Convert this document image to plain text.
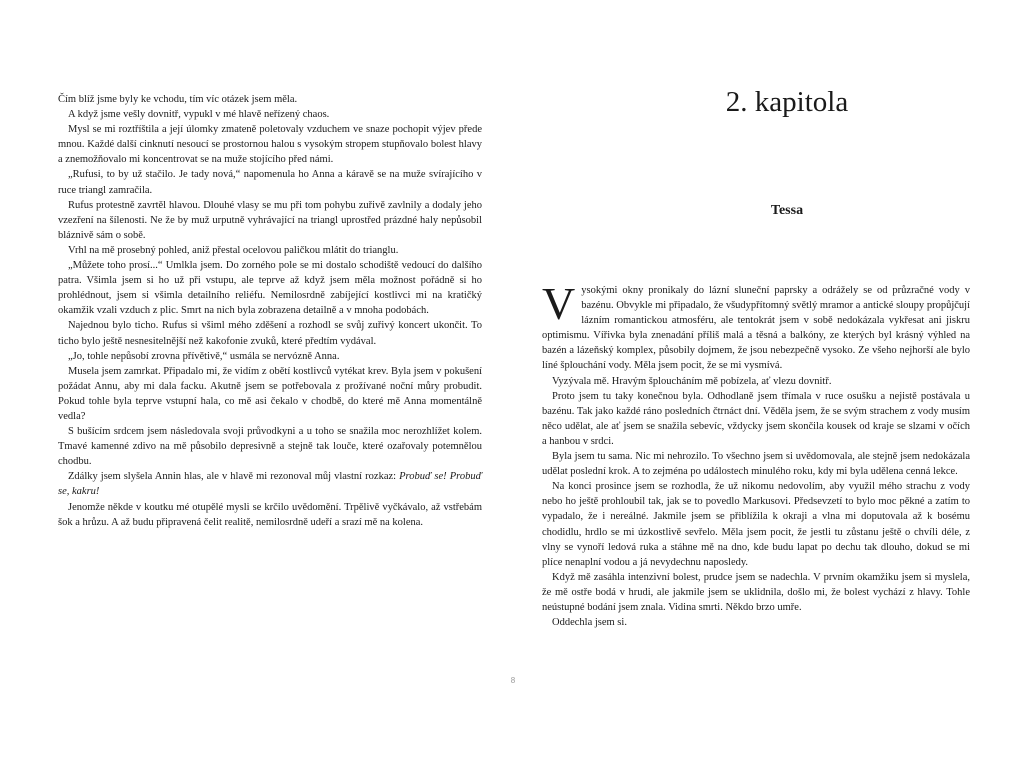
Čím blíž jsme byly ke vchodu, tím víc otázek jsem měla.

A když jsme vešly dovnitř, vypukl v mé hlavě neřízený chaos.

Mysl se mi roztříštila a její úlomky zmateně poletovaly vzduchem ve snaze pochopit výjev přede mnou. Každé další cinknutí nesoucí se prostornou halou s vysokým stropem stupňovalo bolest hlavy a znemožňovalo mi koncentrovat se na muže stojícího před námi.

„Rufusi, to by už stačilo. Je tady nová,“ napomenula ho Anna a káravě se na muže svírajícího v ruce triangl zamračila.

Rufus protestně zavrtěl hlavou. Dlouhé vlasy se mu při tom pohybu zuřivě zavlnily a dodaly jeho vzezření na šílenosti. Ne že by muž urputně vyhrávající na triangl uprostřed prázdné haly nepůsobil bláznivě sám o sobě.

Vrhl na mě prosebný pohled, aniž přestal ocelovou paličkou mlátit do trianglu.

„Můžete toho prosí...“ Umlkla jsem. Do zorného pole se mi dostalo schodiště vedoucí do dalšího patra. Všimla jsem si ho už při vstupu, ale teprve až když jsem měla možnost pořádně si ho prohlédnout, jsem si všimla detailního reliéfu. Nemilosrdně zabíjející kostlivci mi na kratičký okamžik vzali vzduch z plic. Smrt na nich byla zobrazena detailně a v mnoha podobách.

Najednou bylo ticho. Rufus si všiml mého zděšení a rozhodl se svůj zuřivý koncert ukončit. To ticho bylo ještě nesnesitelnější než kakofonie zvuků, které předtím vydával.

„Jo, tohle nepůsobí zrovna přívětivě,“ usmála se nervózně Anna.

Musela jsem zamrkat. Připadalo mi, že vidím z obětí kostlivců vytékat krev. Byla jsem v pokušení požádat Annu, aby mi dala facku. Akutně jsem se potřebovala z prožívané noční můry probudit. Pokud tohle byla teprve vstupní hala, co mě asi čekalo v chodbě, do které mě Anna momentálně vedla?

S bušícím srdcem jsem následovala svoji průvodkyni a u toho se snažila moc nerozhlížet kolem. Tmavé kamenné zdivo na mě působilo depresivně a stejně tak louče, které ozařovaly potemnělou chodbu.

Zdálky jsem slyšela Annin hlas, ale v hlavě mi rezonoval můj vlastní rozkaz: Probuď se! Probuď se, kakru!

Jenomže někde v koutku mé otupělé mysli se krčilo uvědomění. Trpělivě vyčkávalo, až vstřebám šok a hrůzu. A až budu připravená čelit realitě, nemilosrdně udeří a srazí mě na kolena.

2. kapitola
Tessa

Vysokými okny pronikaly do lázní sluneční paprsky a odrážely se od průzračné vody v bazénu. Obvykle mi připadalo, že všudypřítomný světlý mramor a antické sloupy propůjčují lázním romantickou atmosféru, ale tentokrát jsem v sobě nedokázala vykřesat ani jiskru optimismu. Vířivka byla znenadání příliš malá a těsná a balkóny, ze kterých byl krásný výhled na bazén a lázeňský komplex, působily dojmem, že jsou nebezpečně vysoko. Ze všeho nejhorší ale bylo líné šplouchání vody. Měla jsem pocit, že se mi vysmívá.

Vyzývala mě. Hravým šploucháním mě pobízela, ať vlezu dovnitř.

Proto jsem tu taky konečnou byla. Odhodlaně jsem třímala v ruce osušku a nejistě postávala u bazénu. Tak jako každé ráno posledních čtrnáct dní. Věděla jsem, že se svým strachem z vody musím něco udělat, ale ať jsem se snažila sebevíc, vždycky jsem skončila kousek od kraje se slzami v očích a hanbou v srdci.

Byla jsem tu sama. Nic mi nehrozilo. To všechno jsem si uvědomovala, ale stejně jsem nedokázala udělat poslední krok. A to zejména po událostech minulého roku, kdy mi byla udělena cenná lekce.

Na konci prosince jsem se rozhodla, že už nikomu nedovolím, aby využil mého strachu z vody nebo ho ještě prohloubil tak, jak se to povedlo Markusovi. Předsevzetí to bylo moc pěkné a zatím to vypadalo, že i nereálné. Jakmile jsem se přiblížila k okraji a vlna mi doputovala až k bosému chodidlu, hrdlo se mi úzkostlivě sevřelo. Měla jsem pocit, že jestli tu zůstanu ještě o chvíli déle, z vlny se vynoří ledová ruka a stáhne mě na dno, kde budu lapat po dechu tak dlouho, dokud se mi plíce nenaplní vodou a já nevydechnu naposledy.

Když mě zasáhla intenzivní bolest, prudce jsem se nadechla. V prvním okamžiku jsem si myslela, že mě ostře bodá v hrudi, ale jakmile jsem se uklidnila, došlo mi, že bolest vychází z hlavy. Tohle neústupné bodání jsem znala. Vidina smrti. Někdo brzo umře.

Oddechla jsem si.

8
